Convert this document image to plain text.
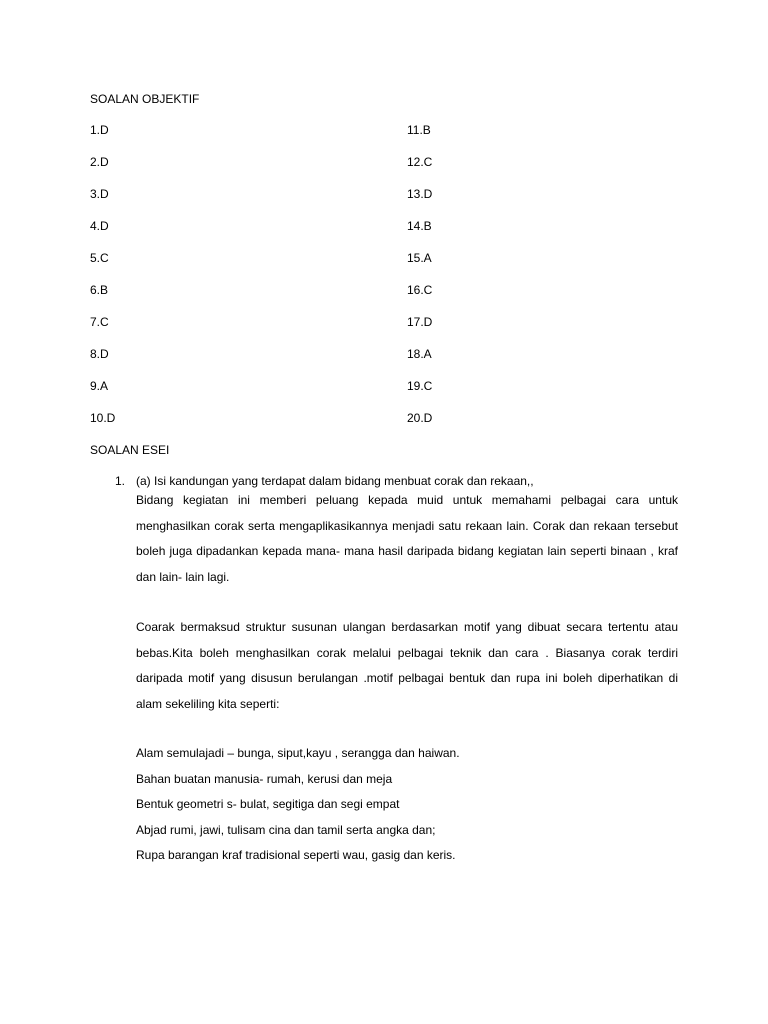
SOALAN OBJEKTIF
1.D
2.D
3.D
4.D
5.C
6.B
7.C
8.D
9.A
10.D
11.B
12.C
13.D
14.B
15.A
16.C
17.D
18.A
19.C
20.D
SOALAN ESEI
1. (a) Isi kandungan yang terdapat dalam bidang menbuat corak dan rekaan,,

Bidang kegiatan ini memberi peluang kepada muid untuk memahami pelbagai cara untuk menghasilkan corak serta mengaplikasikannya menjadi satu rekaan lain. Corak dan rekaan tersebut boleh juga dipadankan kepada mana- mana hasil daripada bidang kegiatan lain seperti binaan , kraf dan lain- lain lagi.

Coarak bermaksud struktur susunan ulangan berdasarkan motif yang dibuat secara tertentu atau bebas.Kita boleh menghasilkan corak melalui pelbagai teknik dan cara . Biasanya corak terdiri daripada motif yang disusun berulangan .motif pelbagai bentuk dan rupa ini boleh diperhatikan di alam sekeliling kita seperti:

Alam semulajadi – bunga, siput,kayu , serangga dan haiwan.
Bahan buatan manusia- rumah, kerusi dan meja
Bentuk geometri s- bulat, segitiga dan segi empat
Abjad rumi, jawi, tulisam cina dan tamil serta angka dan;
Rupa barangan kraf tradisional seperti wau, gasig dan keris.
